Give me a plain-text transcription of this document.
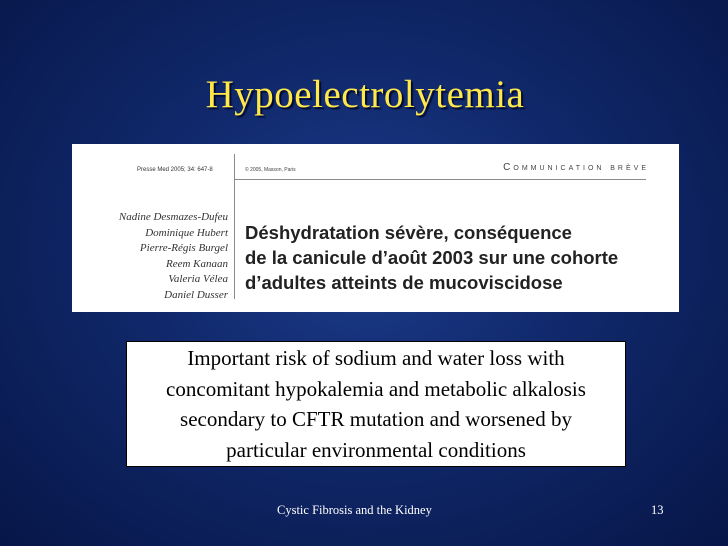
Hypoelectrolytemia
Presse Med 2005; 34: 647-8	© 2005, Masson, Paris	Communication brève
Nadine Desmazes-Dufeu
Dominique Hubert
Pierre-Régis Burgel
Reem Kanaan
Valeria Vélea
Daniel Dusser
Déshydratation sévère, conséquence
de la canicule d’août 2003 sur une cohorte
d’adultes atteints de mucoviscidose
Important risk of sodium and water loss with
concomitant hypokalemia and metabolic alkalosis
secondary to CFTR mutation and worsened by
particular environmental conditions
Cystic Fibrosis and the Kidney	13
